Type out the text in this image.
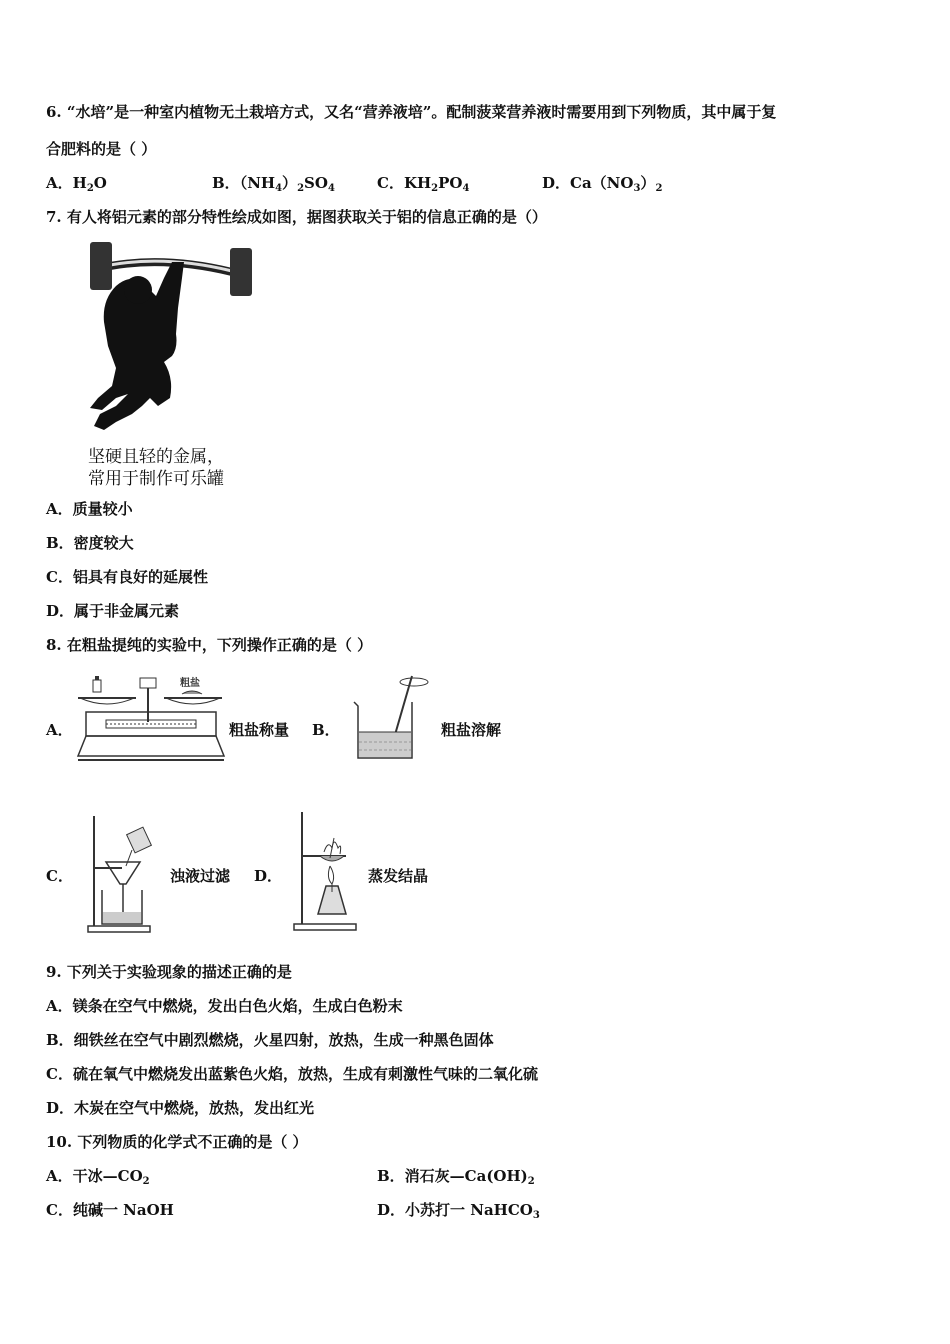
6. “水培”是一种室内植物无土栽培方式，又名“营养液培”。配制菠菜营养液时需要用到下列物质，其中属于复
合肥料的是（ ）
A．$H_2O$	B．$(NH_4)_2SO_4$	C．$KH_2PO_4$	D．$Ca(NO_3)_2$
7. 有人将铝元素的部分特性绘成如图，据图获取关于铝的信息正确的是（）
坚硬且轻的金属，
常用于制作可乐罐
A．质量较小
B．密度较大
C．铝具有良好的延展性
D．属于非金属元素
8. 在粗盐提纯的实验中，下列操作正确的是（ ）
A．
粗盐
粗盐称量 B．	粗盐溶解
C．	浊液过滤 D．	蒸发结晶
9. 下列关于实验现象的描述正确的是
A．镁条在空气中燃烧，发出白色火焰，生成白色粉末
B．细铁丝在空气中剧烈燃烧，火星四射，放热，生成一种黑色固体
C．硫在氧气中燃烧发出蓝紫色火焰，放热，生成有刺激性气味的二氧化硫
D．木炭在空气中燃烧，放热，发出红光
10. 下列物质的化学式不正确的是（ ）
A．干冰$—CO_2$	B．消石灰$—Ca(OH)_2$
C．纯碱一 NaOH	D．小苏打一 NaHCO$_3$
